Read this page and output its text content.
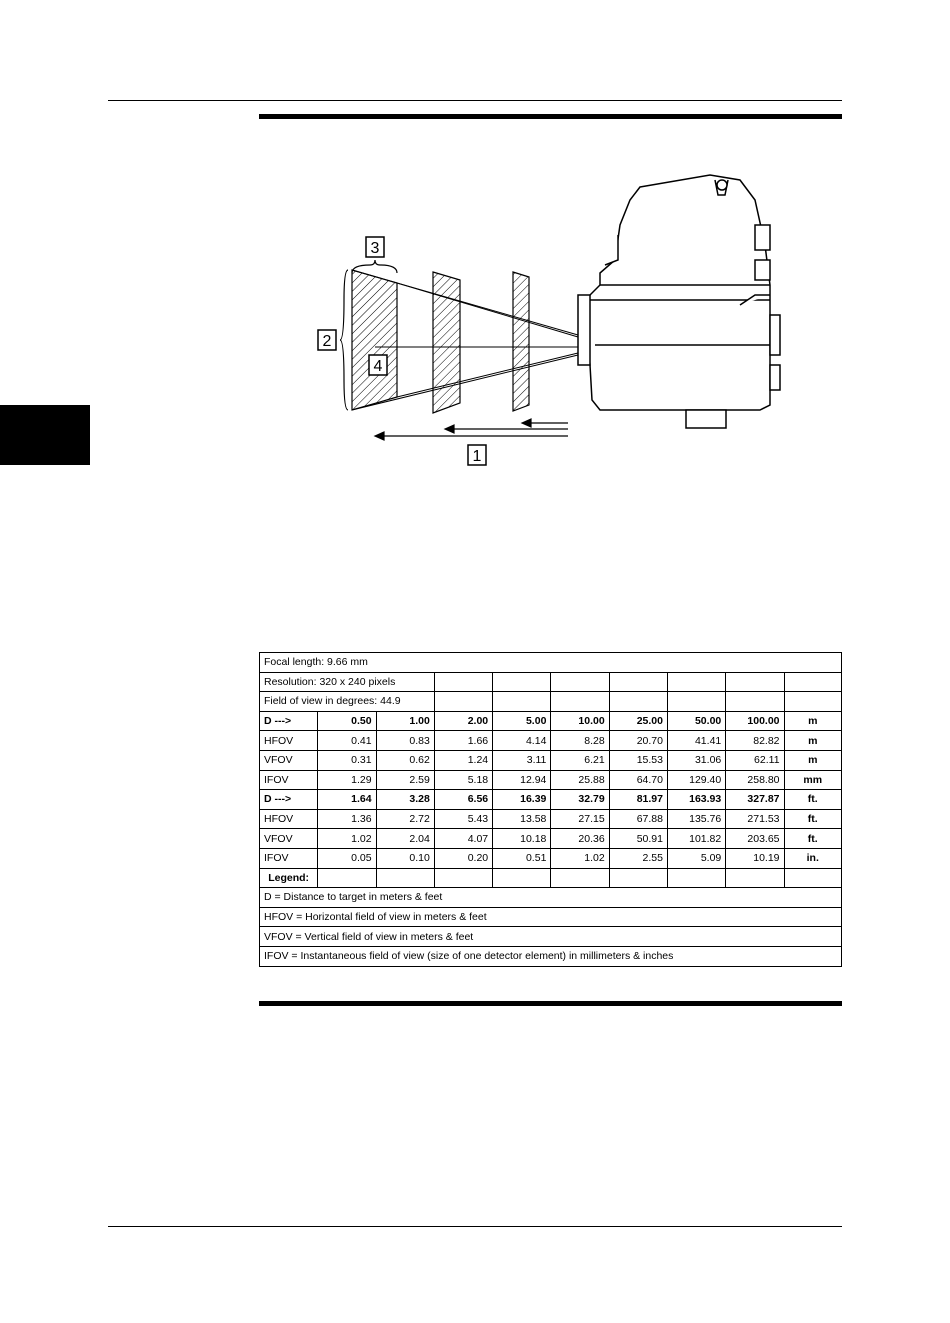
1
2
3
4
Focal length: 9.66 mm									
Resolution: 320 x 240 pixels									
Field of view in degrees: 44.9									
D --->	0.50	1.00	2.00	5.00	10.00	25.00	50.00	100.00	m
HFOV	0.41	0.83	1.66	4.14	8.28	20.70	41.41	82.82	m
VFOV	0.31	0.62	1.24	3.11	6.21	15.53	31.06	62.11	m
IFOV	1.29	2.59	5.18	12.94	25.88	64.70	129.40	258.80	mm
D --->	1.64	3.28	6.56	16.39	32.79	81.97	163.93	327.87	ft.
HFOV	1.36	2.72	5.43	13.58	27.15	67.88	135.76	271.53	ft.
VFOV	1.02	2.04	4.07	10.18	20.36	50.91	101.82	203.65	ft.
IFOV	0.05	0.10	0.20	0.51	1.02	2.55	5.09	10.19	in.
Legend:									
D = Distance to target in meters & feet									
HFOV = Horizontal field of view in meters & feet									
VFOV = Vertical field of view in meters & feet									
IFOV = Instantaneous field of view (size of one detector element) in millimeters & inches									
